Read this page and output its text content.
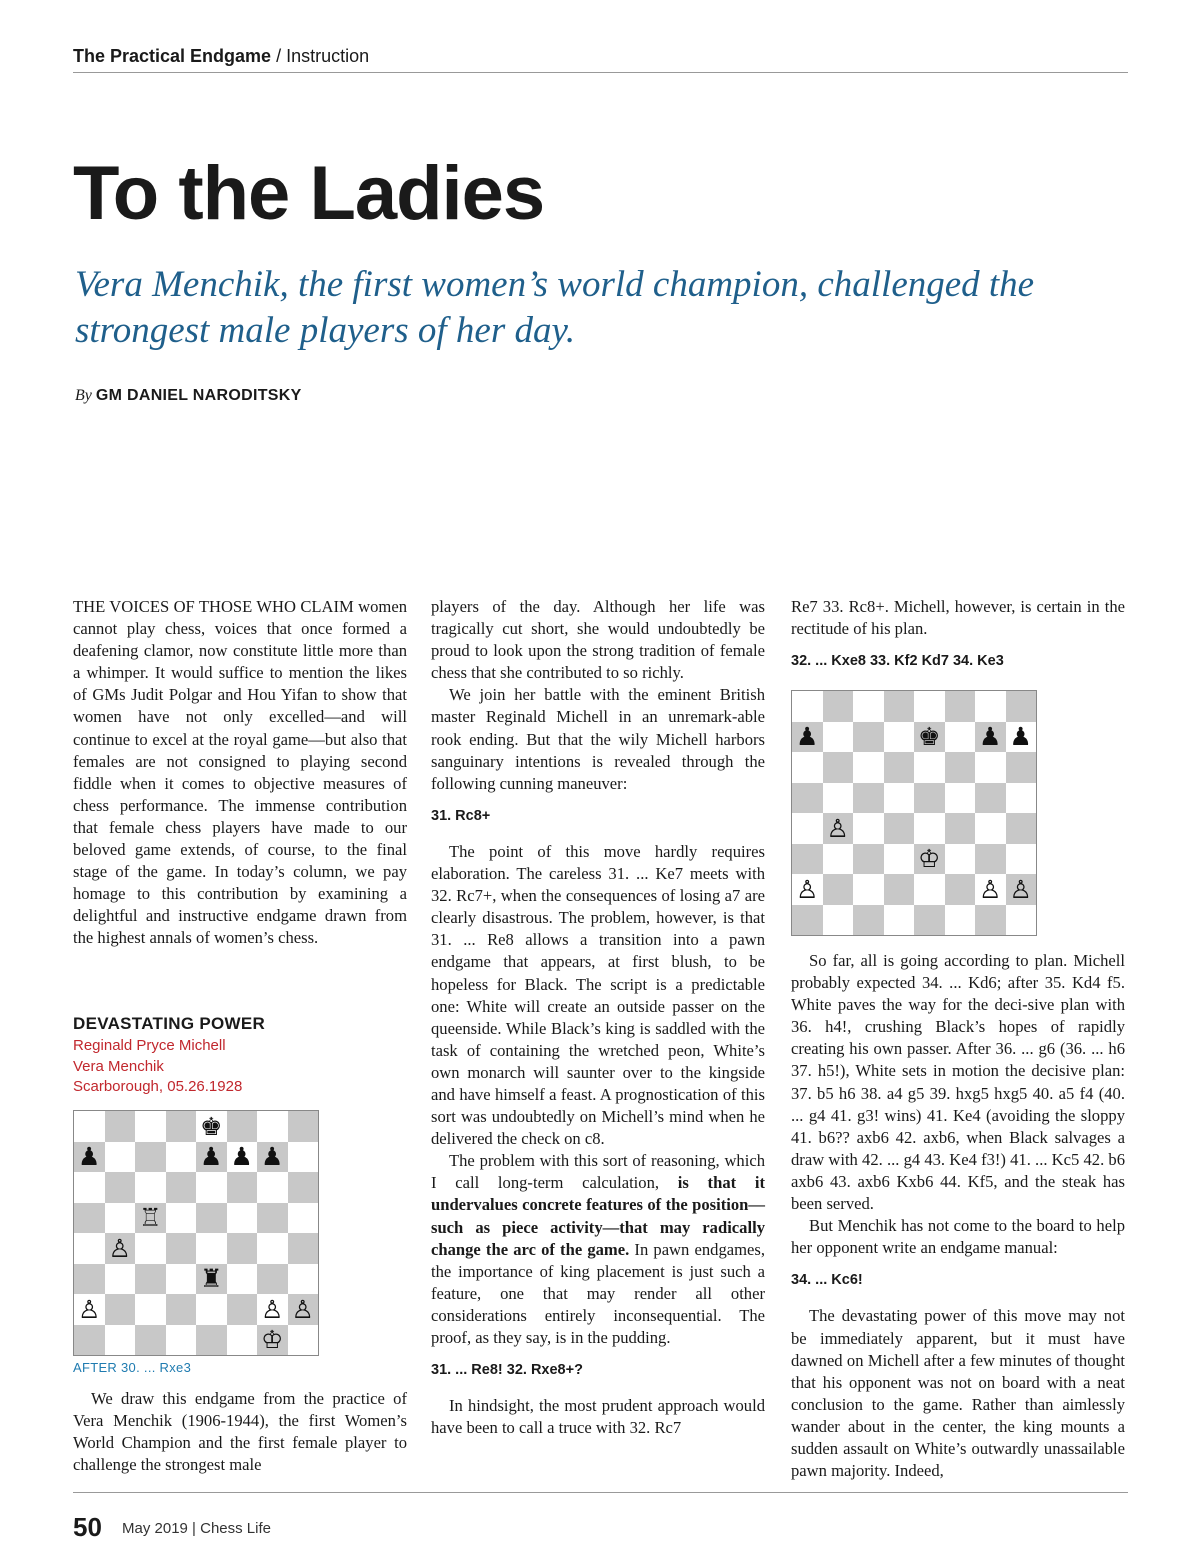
The Practical Endgame / Instruction
To the Ladies

Vera Menchik, the first women’s world champion, challenged the strongest male players of her day.

By GM DANIEL NARODITSKY

THE VOICES OF THOSE WHO CLAIM women cannot play chess, voices that once formed a deafening clamor, now constitute little more than a whimper. It would suffice to mention the likes of GMs Judit Polgar and Hou Yifan to show that women have not only excelled—and will continue to excel at the royal game—but also that females are not consigned to playing second fiddle when it comes to objective measures of chess performance. The immense contribution that female chess players have made to our beloved game extends, of course, to the final stage of the game. In today’s column, we pay homage to this contribution by examining a delightful and instructive endgame drawn from the highest annals of women’s chess.

DEVASTATING POWER
Reginald Pryce Michell
Vera Menchik
Scarborough, 05.26.1928
♚
♟	♟ ♟ ♟
♖
♙
♜
♙	♙ ♙
♔
AFTER 30. ... Rxe3

We draw this endgame from the practice of Vera Menchik (1906-1944), the first Women’s World Champion and the first female player to challenge the strongest male

players of the day. Although her life was tragically cut short, she would undoubtedly be proud to look upon the strong tradition of female chess that she contributed to so richly.

We join her battle with the eminent British master Reginald Michell in an unremark-able rook ending. But that the wily Michell harbors sanguinary intentions is revealed through the following cunning maneuver:

31. Rc8+

The point of this move hardly requires elaboration. The careless 31. ... Ke7 meets with 32. Rc7+, when the consequences of losing a7 are clearly disastrous. The problem, however, is that 31. ... Re8 allows a transition into a pawn endgame that appears, at first blush, to be hopeless for Black. The script is a predictable one: White will create an outside passer on the queenside. While Black’s king is saddled with the task of containing the wretched peon, White’s own monarch will saunter over to the kingside and have himself a feast. A prognostication of this sort was undoubtedly on Michell’s mind when he delivered the check on c8.

The problem with this sort of reasoning, which I call long-term calculation, is that it undervalues concrete features of the position—such as piece activity—that may radically change the arc of the game. In pawn endgames, the importance of king placement is just such a feature, one that may render all other considerations entirely inconsequential. The proof, as they say, is in the pudding.

31. ... Re8! 32. Rxe8+?

In hindsight, the most prudent approach would have been to call a truce with 32. Rc7

Re7 33. Rc8+. Michell, however, is certain in the rectitude of his plan.

32. ... Kxe8 33. Kf2 Kd7 34. Ke3

♟	♚ ♟ ♟
♙
♔
♙	♙ ♙

So far, all is going according to plan. Michell probably expected 34. ... Kd6; after 35. Kd4 f5. White paves the way for the deci-sive plan with 36. h4!, crushing Black’s hopes of rapidly creating his own passer. After 36. ... g6 (36. ... h6 37. h5!), White sets in motion the decisive plan: 37. b5 h6 38. a4 g5 39. hxg5 hxg5 40. a5 f4 (40. ... g4 41. g3! wins) 41. Ke4 (avoiding the sloppy 41. b6?? axb6 42. axb6, when Black salvages a draw with 42. ... g4 43. Ke4 f3!) 41. ... Kc5 42. b6 axb6 43. axb6 Kxb6 44. Kf5, and the steak has been served.

But Menchik has not come to the board to help her opponent write an endgame manual:

34. ... Kc6!

The devastating power of this move may not be immediately apparent, but it must have dawned on Michell after a few minutes of thought that his opponent was not on board with a neat conclusion to the game. Rather than aimlessly wander about in the center, the king mounts a sudden assault on White’s outwardly unassailable pawn majority. Indeed,

50 May 2019 | Chess Life
